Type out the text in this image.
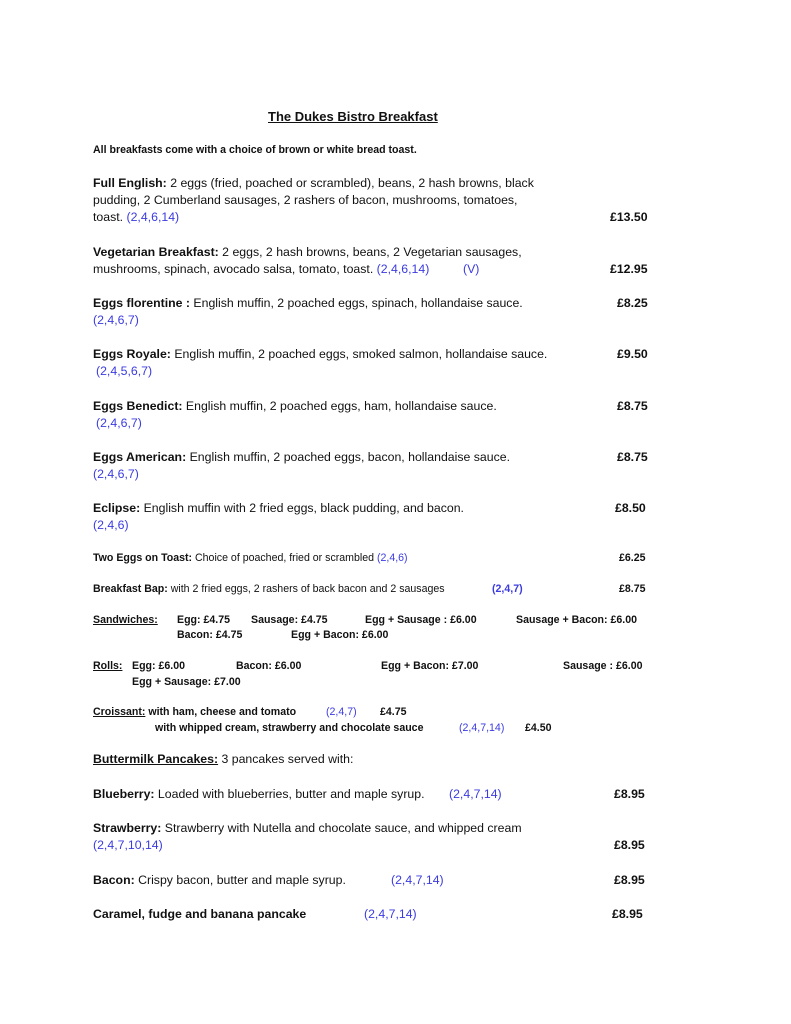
The Dukes Bistro Breakfast
All breakfasts come with a choice of brown or white bread toast.
Full English: 2 eggs (fried, poached or scrambled), beans, 2 hash browns, black
pudding, 2 Cumberland sausages, 2 rashers of bacon, mushrooms, tomatoes,
toast. (2,4,6,14)	£13.50
Vegetarian Breakfast: 2 eggs, 2 hash browns, beans, 2 Vegetarian sausages,
mushrooms, spinach, avocado salsa, tomato, toast. (2,4,6,14)	(V)	£12.95
Eggs florentine : English muffin, 2 poached eggs, spinach, hollandaise sauce.	£8.25
(2,4,6,7)
Eggs Royale: English muffin, 2 poached eggs, smoked salmon, hollandaise sauce.	£9.50
(2,4,5,6,7)
Eggs Benedict: English muffin, 2 poached eggs, ham, hollandaise sauce.	£8.75
(2,4,6,7)
Eggs American: English muffin, 2 poached eggs, bacon, hollandaise sauce.	£8.75
(2,4,6,7)
Eclipse: English muffin with 2 fried eggs, black pudding, and bacon.	£8.50
(2,4,6)
Two Eggs on Toast: Choice of poached, fried or scrambled (2,4,6)	£6.25
Breakfast Bap: with 2 fried eggs, 2 rashers of back bacon and 2 sausages	(2,4,7)	£8.75
Sandwiches: Egg: £4.75 Sausage: £4.75	Egg + Sausage : £6.00	Sausage + Bacon: £6.00
Bacon: £4.75	Egg + Bacon: £6.00
Rolls: Egg: £6.00	Bacon: £6.00	Egg + Bacon: £7.00	Sausage : £6.00
Egg + Sausage: £7.00
Croissant: with ham, cheese and tomato	(2,4,7) £4.75
with whipped cream, strawberry and chocolate sauce	(2,4,7,14) £4.50
Buttermilk Pancakes: 3 pancakes served with:
Blueberry: Loaded with blueberries, butter and maple syrup. (2,4,7,14)	£8.95
Strawberry: Strawberry with Nutella and chocolate sauce, and whipped cream
(2,4,7,10,14)	£8.95
Bacon: Crispy bacon, butter and maple syrup.	(2,4,7,14)	£8.95
Caramel, fudge and banana pancake	(2,4,7,14)	£8.95
